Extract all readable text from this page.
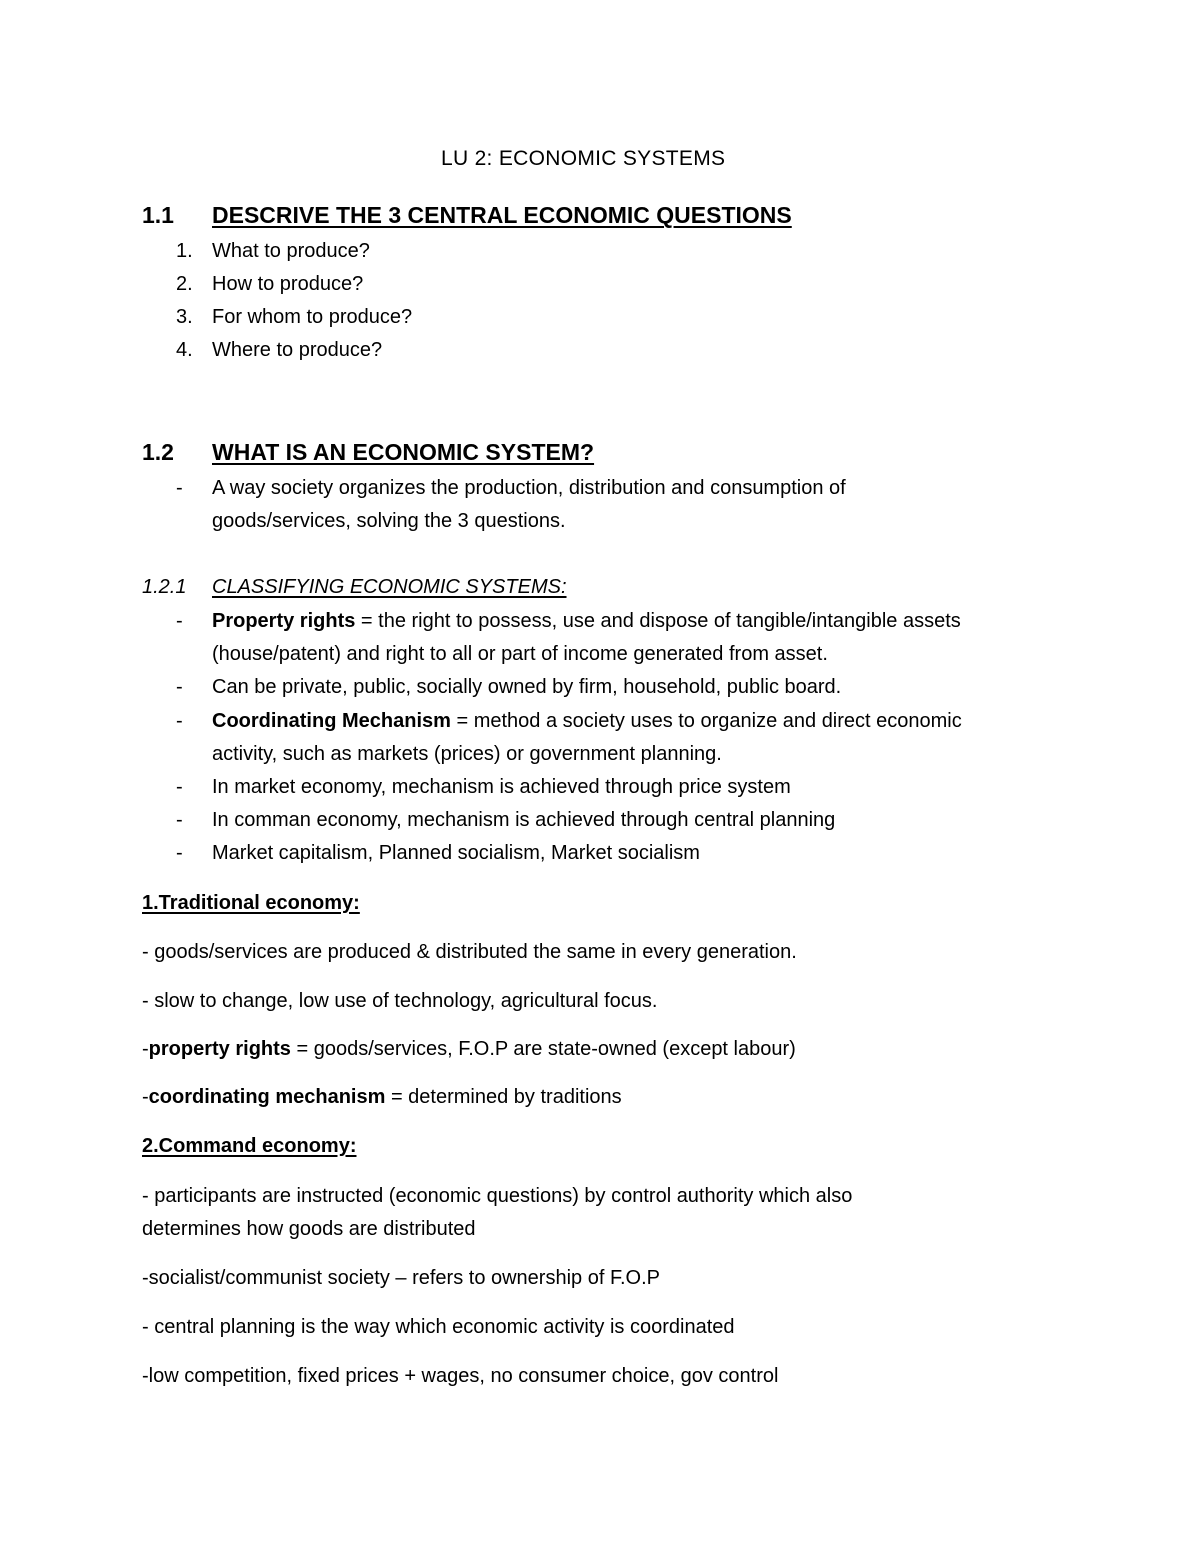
LU 2: ECONOMIC SYSTEMS
1.1 DESCRIVE THE 3 CENTRAL ECONOMIC QUESTIONS
1. What to produce?
2. How to produce?
3. For whom to produce?
4. Where to produce?
1.2 WHAT IS AN ECONOMIC SYSTEM?
- A way society organizes the production, distribution and consumption of
goods/services, solving the 3 questions.
1.2.1 CLASSIFYING ECONOMIC SYSTEMS:
- Property rights = the right to possess, use and dispose of tangible/intangible assets
(house/patent) and right to all or part of income generated from asset.
- Can be private, public, socially owned by firm, household, public board.
- Coordinating Mechanism = method a society uses to organize and direct economic
activity, such as markets (prices) or government planning.
- In market economy, mechanism is achieved through price system
- In comman economy, mechanism is achieved through central planning
- Market capitalism, Planned socialism, Market socialism
1.Traditional economy:
- goods/services are produced & distributed the same in every generation.
- slow to change, low use of technology, agricultural focus.
-property rights = goods/services, F.O.P are state-owned (except labour)
-coordinating mechanism = determined by traditions
2.Command economy:
- participants are instructed (economic questions) by control authority which also
determines how goods are distributed
-socialist/communist society – refers to ownership of F.O.P
- central planning is the way which economic activity is coordinated
-low competition, fixed prices + wages, no consumer choice, gov control
